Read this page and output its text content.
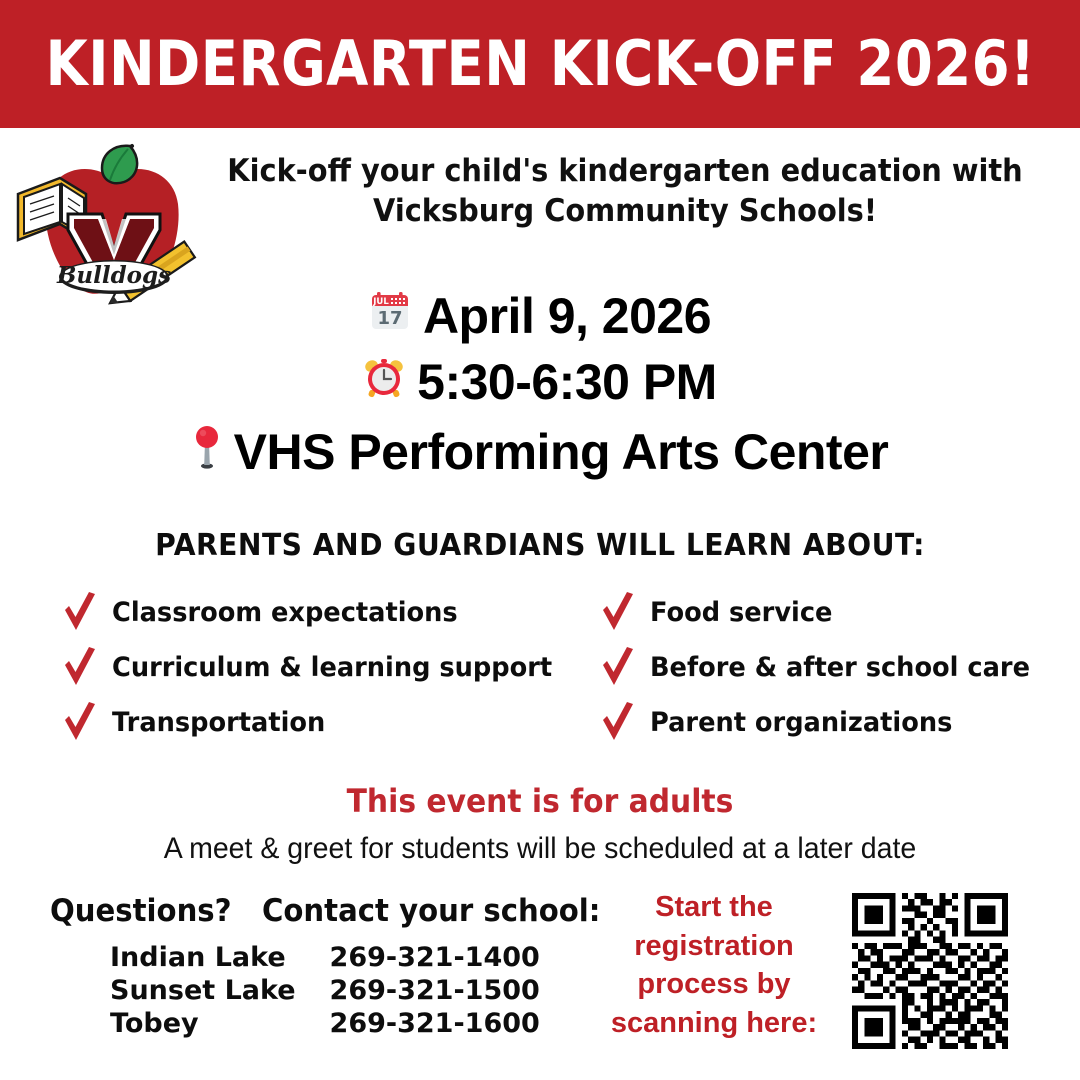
KINDERGARTEN KICK-OFF 2026!
Bulldogs
Kick-off your child's kindergarten education with
Vicksburg Community Schools!
JUL
17 April 9, 2026
5:30-6:30 PM
VHS Performing Arts Center
PARENTS AND GUARDIANS WILL LEARN ABOUT:
Classroom expectations
Curriculum & learning support
Transportation
Food service
Before & after school care
Parent organizations
This event is for adults
A meet & greet for students will be scheduled at a later date
Questions?   Contact your school:
Indian Lake	269-321-1400
Sunset Lake	269-321-1500
Tobey	269-321-1600
Start the registration process by scanning here:
